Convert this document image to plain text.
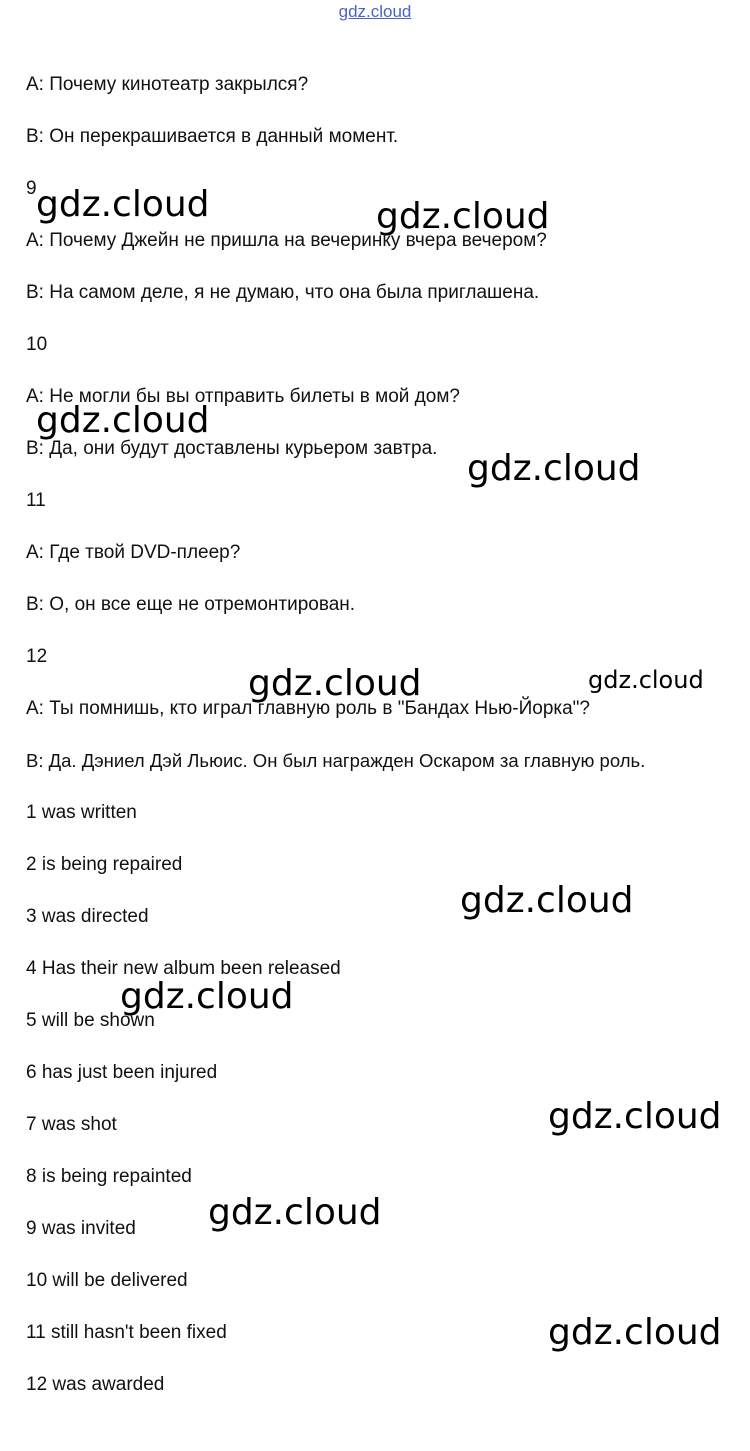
gdz.cloud
A: Почему кинотеатр закрылся?
B: Он перекрашивается в данный момент.
9
A: Почему Джейн не пришла на вечеринку вчера вечером?
B: На самом деле, я не думаю, что она была приглашена.
10
A: Не могли бы вы отправить билеты в мой дом?
B: Да, они будут доставлены курьером завтра.
11
A: Где твой DVD-плеер?
B: О, он все еще не отремонтирован.
12
A: Ты помнишь, кто играл главную роль в "Бандах Нью-Йорка"?
B: Да. Дэниел Дэй Льюис. Он был награжден Оскаром за главную роль.
1 was written
2 is being repaired
3 was directed
4 Has their new album been released
5 will be shown
6 has just been injured
7 was shot
8 is being repainted
9 was invited
10 will be delivered
11 still hasn't been fixed
12 was awarded
gdz.cloud	gdz.cloud
gdz.cloud
gdz.cloud
gdz.cloud	gdz.cloud
gdz.cloud
gdz.cloud
gdz.cloud
gdz.cloud
gdz.cloud
